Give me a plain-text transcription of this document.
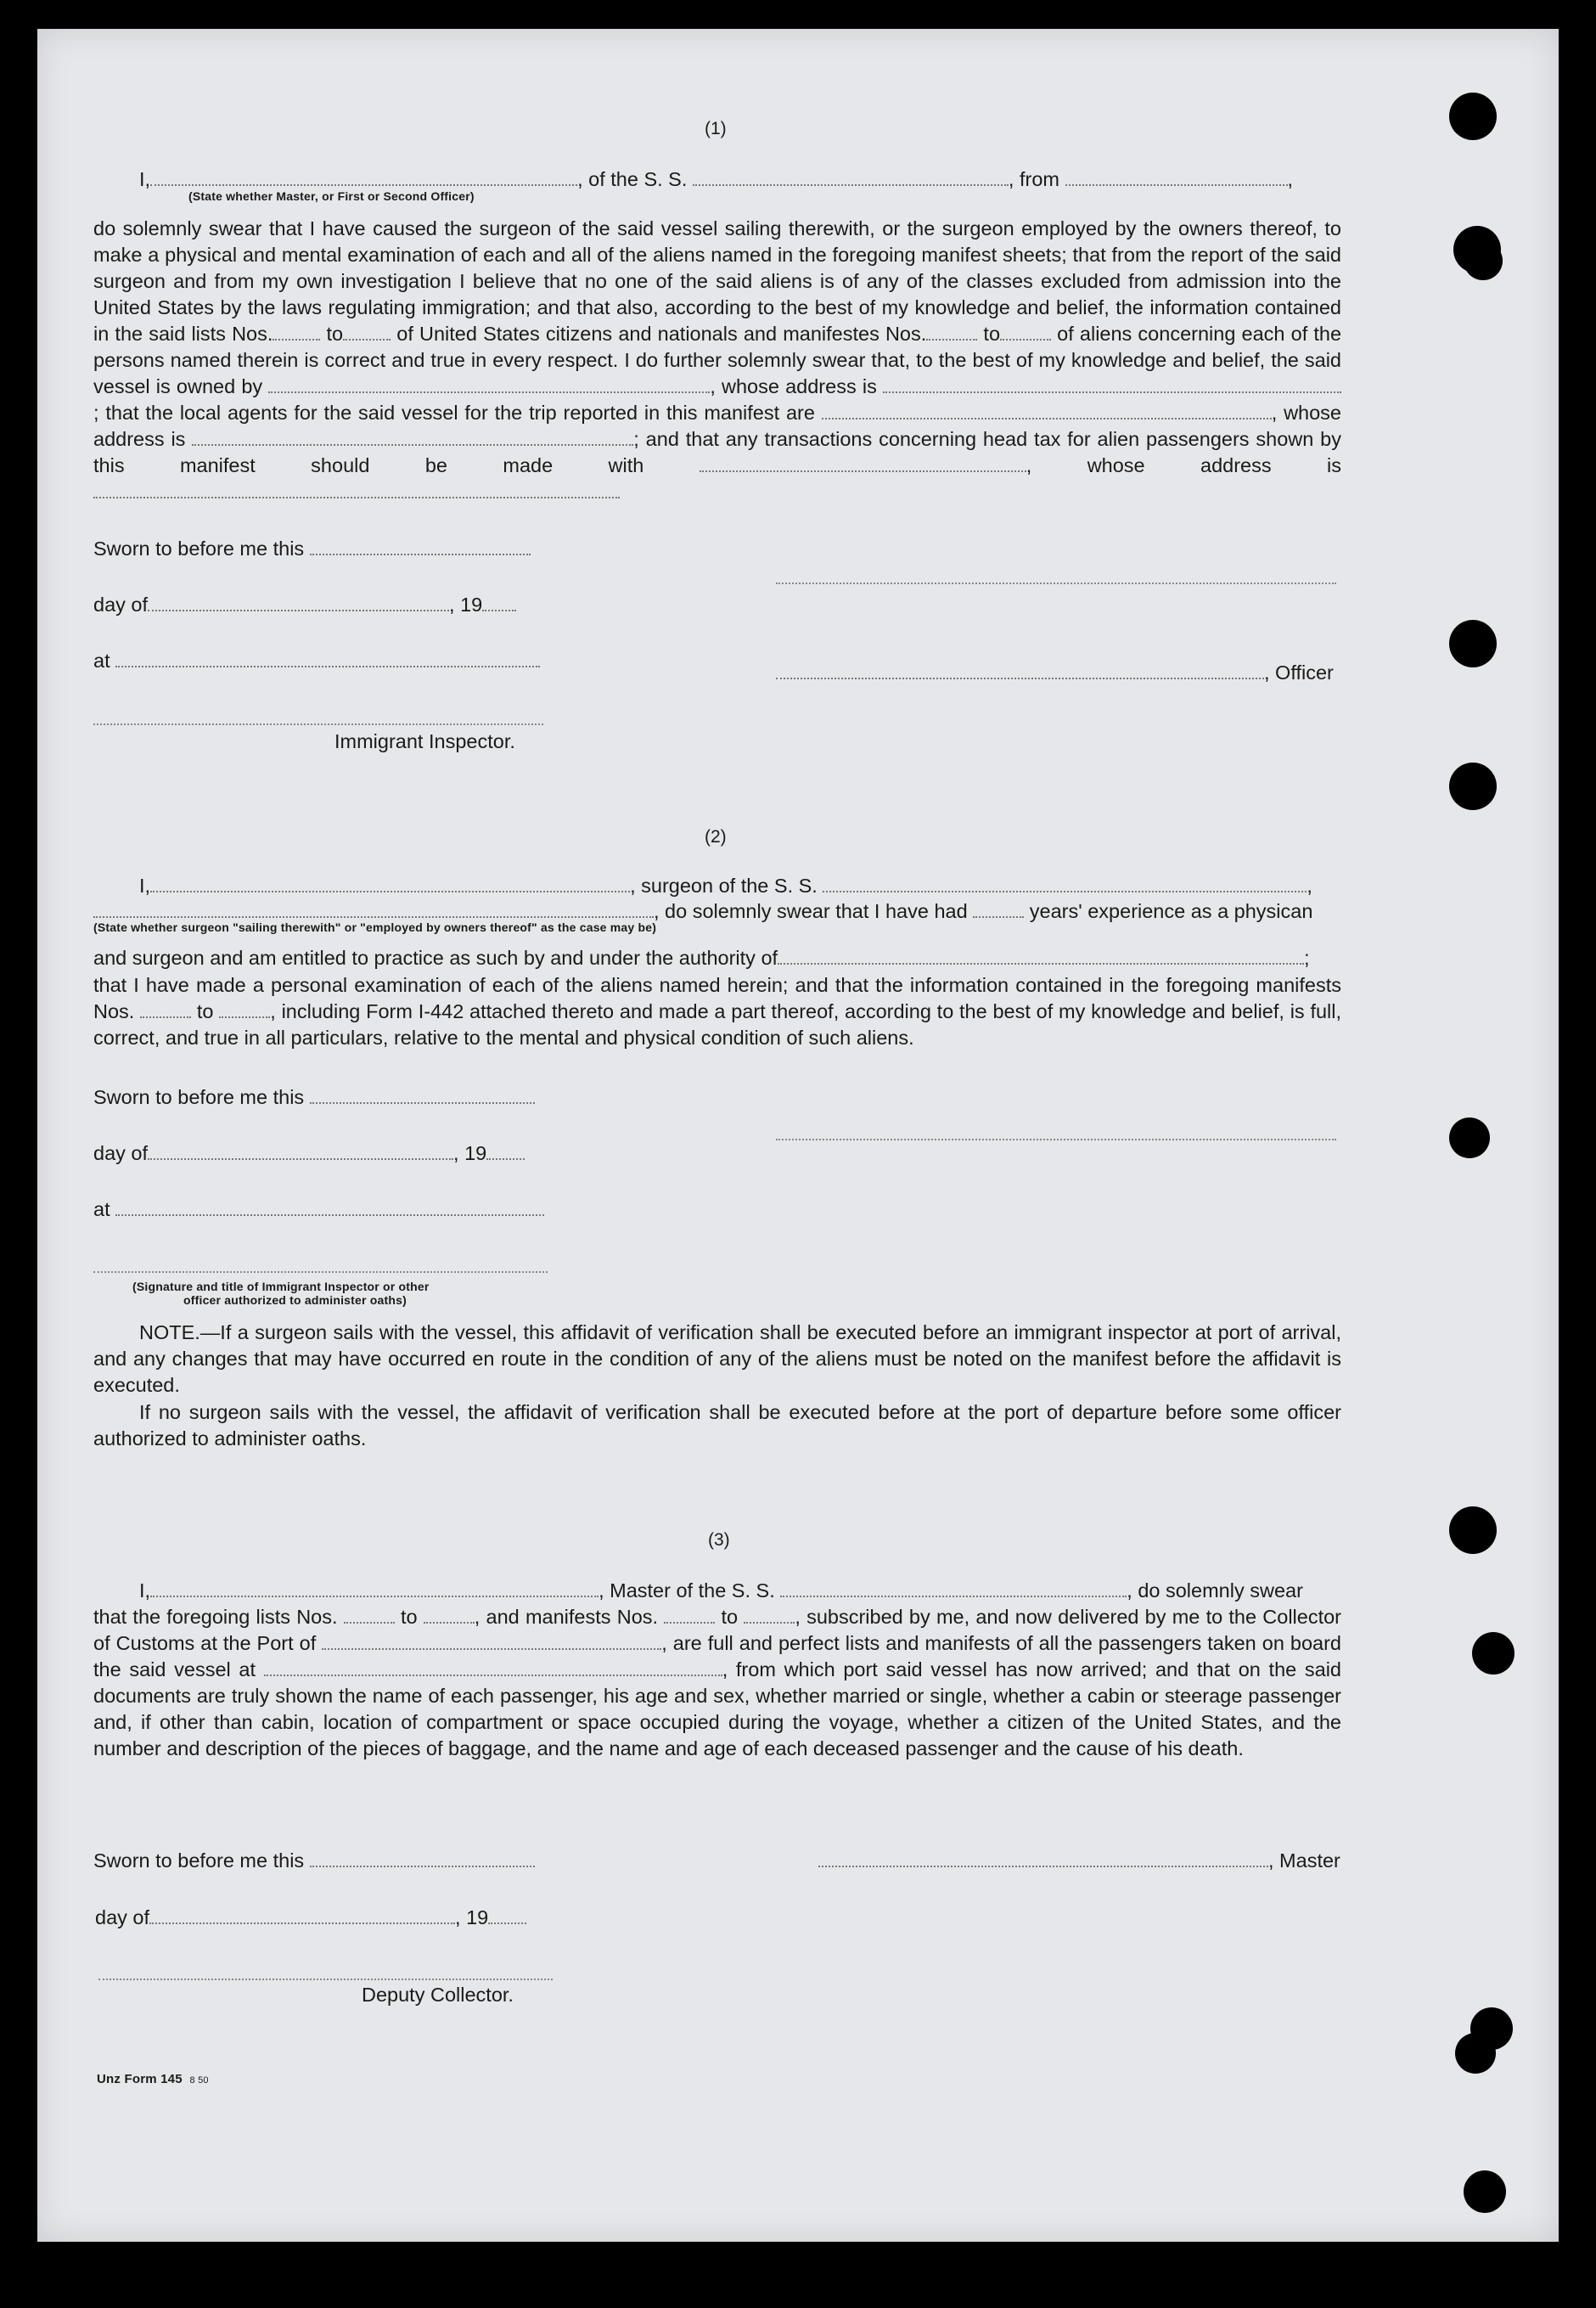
(1)
I,	, of the S. S.	, from	,
(State whether Master, or First or Second Officer)
do solemnly swear that I have caused the surgeon of the said vessel sailing therewith, or the surgeon employed by the owners thereof, to make a physical and mental examination of each and all of the aliens named in the foregoing manifest sheets; that from the report of the said surgeon and from my own investigation I believe that no one of the said aliens is of any of the classes excluded from admission into the United States by the laws regulating immigration; and that also, according to the best of my knowledge and belief, the information contained in the said lists Nos.	to	of United States citizens and nationals and manifestes Nos.	to	of aliens concerning each of the persons named therein is correct and true in every respect. I do further solemnly swear that, to the best of my knowledge and belief, the said vessel is owned by	, whose address is ; that the local agents for the said vessel for the trip reported in this manifest are	, whose address is	; and that any transactions concerning head tax for alien passengers shown by this manifest should be made with	,	whose address is
Sworn to before me this
day of	, 19
at
, Officer
Immigrant Inspector.
(2)
I,	, surgeon of the S. S.	,
, do solemnly swear that I have had	years' experience as a physican
(State whether surgeon "sailing therewith" or "employed by owners thereof" as the case may be)
and surgeon and am entitled to practice as such by and under the authority of	;
that I have made a personal examination of each of the aliens named herein; and that the information contained in the foregoing manifests Nos.	to	, including Form I-442 attached thereto and made a part thereof, according to the best of my knowledge and belief, is full, correct, and true in all particulars, relative to the mental and physical condition of such aliens.
Sworn to before me this
day of	, 19
at
(Signature and title of Immigrant Inspector or other
officer authorized to administer oaths)
NOTE.—If a surgeon sails with the vessel, this affidavit of verification shall be executed before an immigrant inspector at port of arrival, and any changes that may have occurred en route in the condition of any of the aliens must be noted on the manifest before the affidavit is executed.
If no surgeon sails with the vessel, the affidavit of verification shall be executed before at the port of departure before some officer authorized to administer oaths.
(3)
I,	, Master of the S. S.	, do solemnly swear
that the foregoing lists Nos.	to	, and manifests Nos.	to	, subscribed by me, and now delivered by me to the Collector of Customs at the Port of	, are full and perfect lists and manifests of all the passengers taken on board the said vessel at	, from which port said vessel has now arrived; and that on the said documents are truly shown the name of each passenger, his age and sex, whether married or single, whether a cabin or steerage passenger and, if other than cabin, location of compartment or space occupied during the voyage, whether a citizen of the United States, and the number and description of the pieces of baggage, and the name and age of each deceased passenger and the cause of his death.
Sworn to before me this	, Master
day of	, 19
Deputy Collector.
Unz Form 145 8 50
